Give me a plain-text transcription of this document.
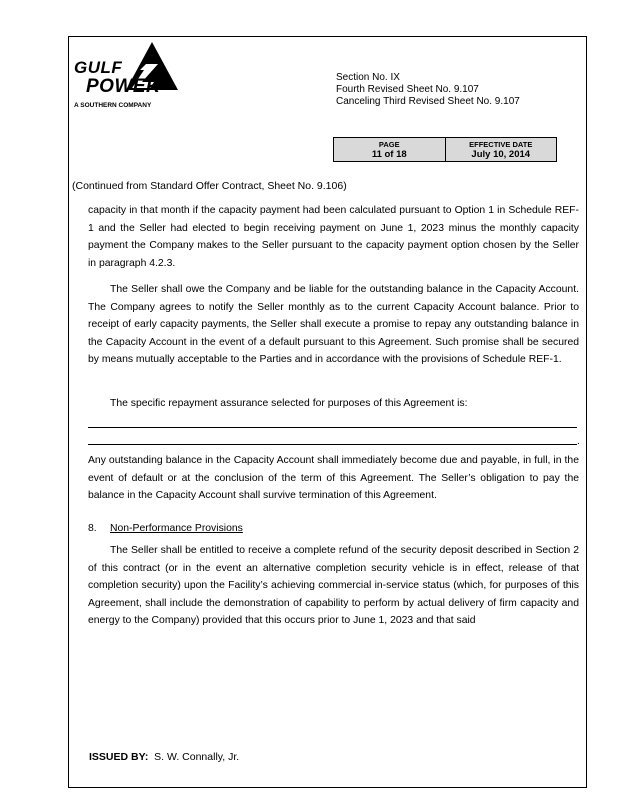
GULF
POWER
A SOUTHERN COMPANY
Section No. IX
Fourth Revised Sheet No. 9.107
Canceling Third Revised Sheet No. 9.107
PAGE
11 of 18
EFFECTIVE DATE
July 10, 2014
(Continued from Standard Offer Contract, Sheet No. 9.106)

capacity in that month if the capacity payment had been calculated pursuant to Option 1 in Schedule REF-1 and the Seller had elected to begin receiving payment on June 1, 2023 minus the monthly capacity payment the Company makes to the Seller pursuant to the capacity payment option chosen by the Seller in paragraph 4.2.3.

The Seller shall owe the Company and be liable for the outstanding balance in the Capacity Account. The Company agrees to notify the Seller monthly as to the current Capacity Account balance. Prior to receipt of early capacity payments, the Seller shall execute a promise to repay any outstanding balance in the Capacity Account in the event of a default pursuant to this Agreement. Such promise shall be secured by means mutually acceptable to the Parties and in accordance with the provisions of Schedule REF-1.

The specific repayment assurance selected for purposes of this Agreement is:

.

Any outstanding balance in the Capacity Account shall immediately become due and payable, in full, in the event of default or at the conclusion of the term of this Agreement. The Seller’s obligation to pay the balance in the Capacity Account shall survive termination of this Agreement.

8. Non-Performance Provisions

The Seller shall be entitled to receive a complete refund of the security deposit described in Section 2 of this contract (or in the event an alternative completion security vehicle is in effect, release of that completion security) upon the Facility’s achieving commercial in-service status (which, for purposes of this Agreement, shall include the demonstration of capability to perform by actual delivery of firm capacity and energy to the Company) provided that this occurs prior to June 1, 2023 and that said

ISSUED BY: S. W. Connally, Jr.
